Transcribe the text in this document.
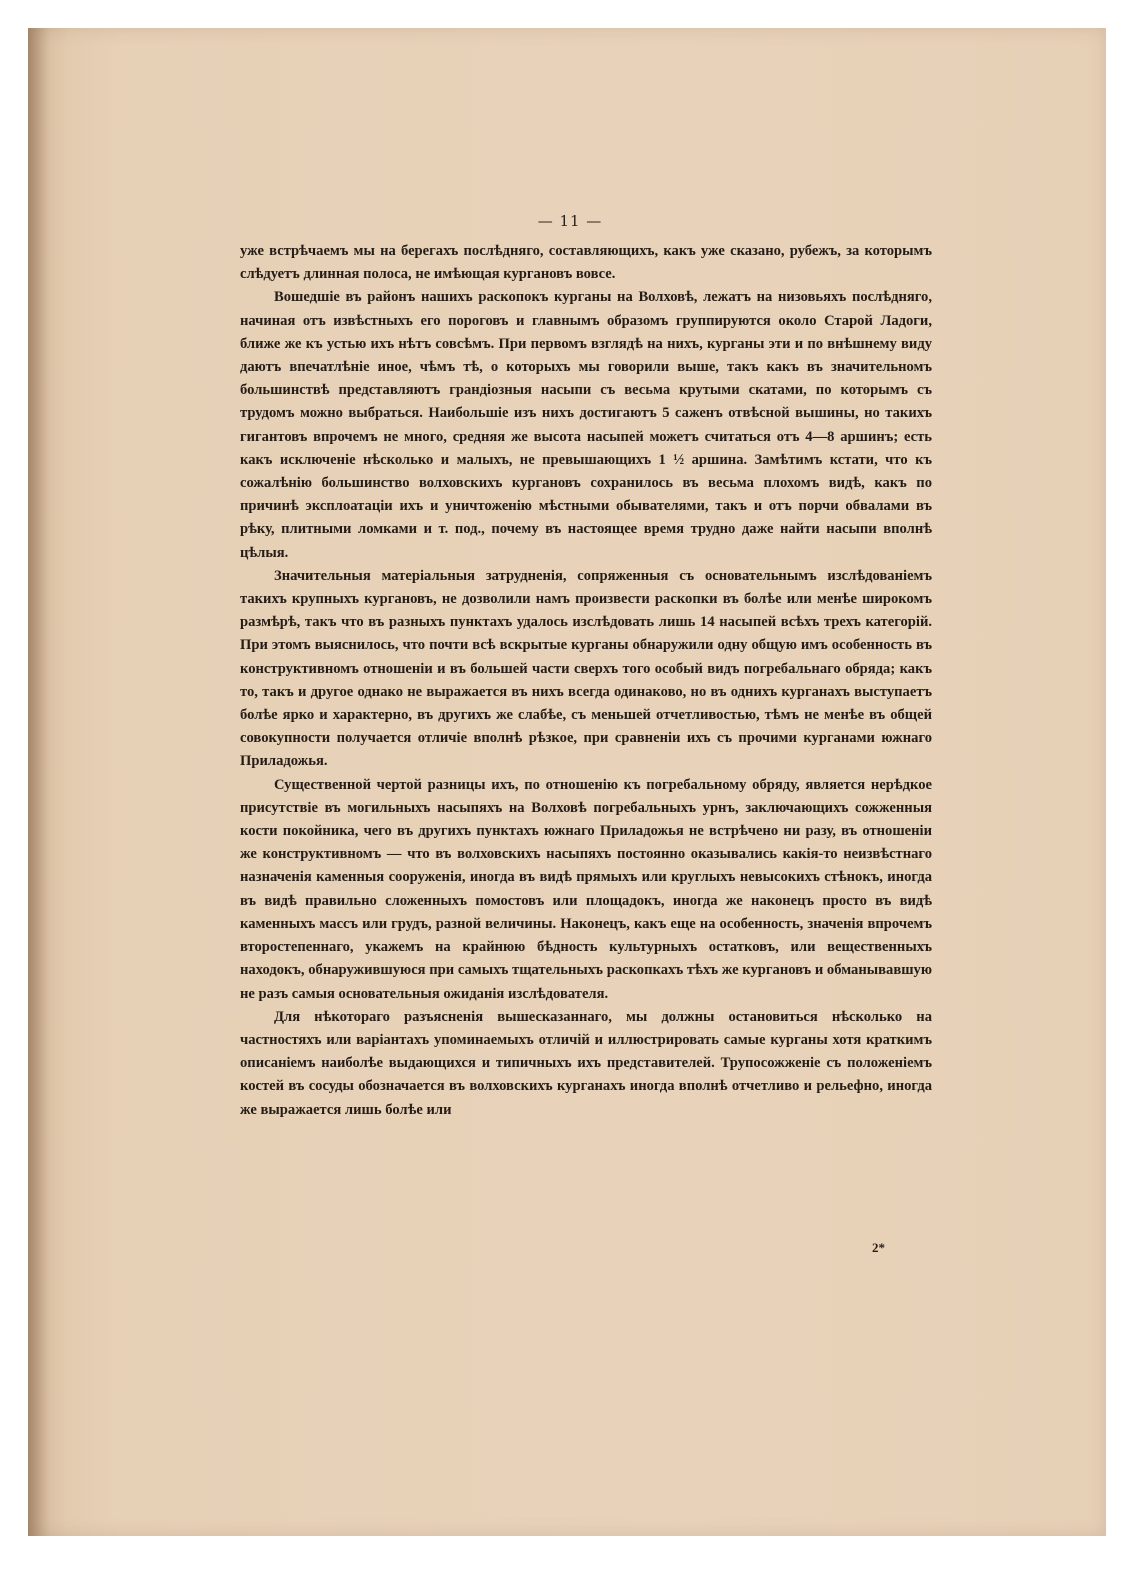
— 11 —

уже встрѣчаемъ мы на берегахъ послѣдняго, составляющихъ, какъ уже сказано, рубежъ, за которымъ слѣдуетъ длинная полоса, не имѣющая кургановъ вовсе.

Вошедшіе въ районъ нашихъ раскопокъ курганы на Волховѣ, лежатъ на низовьяхъ послѣдняго, начиная отъ извѣстныхъ его пороговъ и главнымъ образомъ группируются около Старой Ладоги, ближе же къ устью ихъ нѣтъ совсѣмъ. При первомъ взглядѣ на нихъ, курганы эти и по внѣшнему виду даютъ впечатлѣніе иное, чѣмъ тѣ, о которыхъ мы говорили выше, такъ какъ въ значительномъ большинствѣ представляютъ грандіозныя насыпи съ весьма крутыми скатами, по которымъ съ трудомъ можно выбраться. Наибольшіе изъ нихъ достигаютъ 5 саженъ отвѣсной вышины, но такихъ гигантовъ впрочемъ не много, средняя же высота насыпей можетъ считаться отъ 4—8 аршинъ; есть какъ исключеніе нѣсколько и малыхъ, не превышающихъ 1 ½ аршина. Замѣтимъ кстати, что къ сожалѣнію большинство волховскихъ кургановъ сохранилось въ весьма плохомъ видѣ, какъ по причинѣ эксплоатаціи ихъ и уничтоженію мѣстными обывателями, такъ и отъ порчи обвалами въ рѣку, плитными ломками и т. под., почему въ настоящее время трудно даже найти насыпи вполнѣ цѣлыя.

Значительныя матеріальныя затрудненія, сопряженныя съ основательнымъ изслѣдованіемъ такихъ крупныхъ кургановъ, не дозволили намъ произвести раскопки въ болѣе или менѣе широкомъ размѣрѣ, такъ что въ разныхъ пунктахъ удалось изслѣдовать лишь 14 насыпей всѣхъ трехъ категорій. При этомъ выяснилось, что почти всѣ вскрытые курганы обнаружили одну общую имъ особенность въ конструктивномъ отношеніи и въ большей части сверхъ того особый видъ погребальнаго обряда; какъ то, такъ и другое однако не выражается въ нихъ всегда одинаково, но въ однихъ курганахъ выступаетъ болѣе ярко и характерно, въ другихъ же слабѣе, съ меньшей отчетливостью, тѣмъ не менѣе въ общей совокупности получается отличіе вполнѣ рѣзкое, при сравненіи ихъ съ прочими курганами южнаго Приладожья.

Существенной чертой разницы ихъ, по отношенію къ погребальному обряду, является нерѣдкое присутствіе въ могильныхъ насыпяхъ на Волховѣ погребальныхъ урнъ, заключающихъ сожженныя кости покойника, чего въ другихъ пунктахъ южнаго Приладожья не встрѣчено ни разу, въ отношеніи же конструктивномъ — что въ волховскихъ насыпяхъ постоянно оказывались какія-то неизвѣстнаго назначенія каменныя сооруженія, иногда въ видѣ прямыхъ или круглыхъ невысокихъ стѣнокъ, иногда въ видѣ правильно сложенныхъ помостовъ или площадокъ, иногда же наконецъ просто въ видѣ каменныхъ массъ или грудъ, разной величины. Наконецъ, какъ еще на особенность, значенія впрочемъ второстепеннаго, укажемъ на крайнюю бѣдность культурныхъ остатковъ, или вещественныхъ находокъ, обнаружившуюся при самыхъ тщательныхъ раскопкахъ тѣхъ же кургановъ и обманывавшую не разъ самыя основательныя ожиданія изслѣдователя.

Для нѣкотораго разъясненія вышесказаннаго, мы должны остановиться нѣсколько на частностяхъ или варіантахъ упоминаемыхъ отличій и иллюстрировать самые курганы хотя краткимъ описаніемъ наиболѣе выдающихся и типичныхъ ихъ представителей. Трупосожженіе съ положеніемъ костей въ сосуды обозначается въ волховскихъ курганахъ иногда вполнѣ отчетливо и рельефно, иногда же выражается лишь болѣе или

2*
